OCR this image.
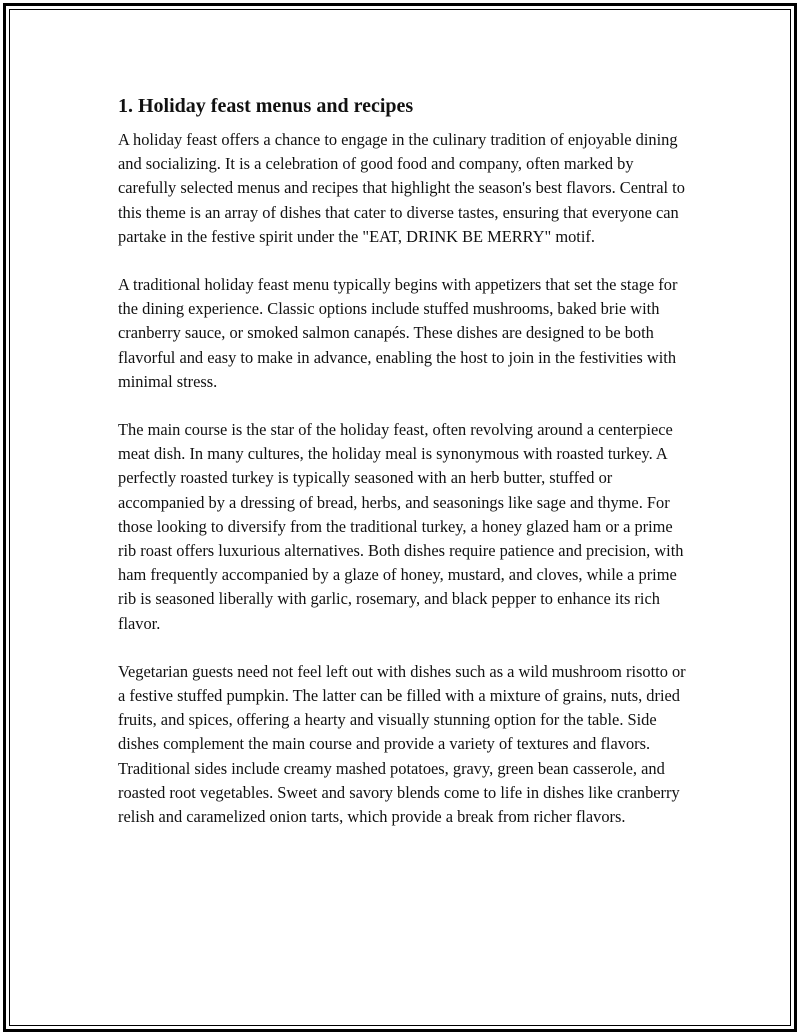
1. Holiday feast menus and recipes

A holiday feast offers a chance to engage in the culinary tradition of enjoyable dining and socializing. It is a celebration of good food and company, often marked by carefully selected menus and recipes that highlight the season's best flavors. Central to this theme is an array of dishes that cater to diverse tastes, ensuring that everyone can partake in the festive spirit under the "EAT, DRINK BE MERRY" motif.

A traditional holiday feast menu typically begins with appetizers that set the stage for the dining experience. Classic options include stuffed mushrooms, baked brie with cranberry sauce, or smoked salmon canapés. These dishes are designed to be both flavorful and easy to make in advance, enabling the host to join in the festivities with minimal stress.

The main course is the star of the holiday feast, often revolving around a centerpiece meat dish. In many cultures, the holiday meal is synonymous with roasted turkey. A perfectly roasted turkey is typically seasoned with an herb butter, stuffed or accompanied by a dressing of bread, herbs, and seasonings like sage and thyme. For those looking to diversify from the traditional turkey, a honey glazed ham or a prime rib roast offers luxurious alternatives. Both dishes require patience and precision, with ham frequently accompanied by a glaze of honey, mustard, and cloves, while a prime rib is seasoned liberally with garlic, rosemary, and black pepper to enhance its rich flavor.

Vegetarian guests need not feel left out with dishes such as a wild mushroom risotto or a festive stuffed pumpkin. The latter can be filled with a mixture of grains, nuts, dried fruits, and spices, offering a hearty and visually stunning option for the table. Side dishes complement the main course and provide a variety of textures and flavors. Traditional sides include creamy mashed potatoes, gravy, green bean casserole, and roasted root vegetables. Sweet and savory blends come to life in dishes like cranberry relish and caramelized onion tarts, which provide a break from richer flavors.
